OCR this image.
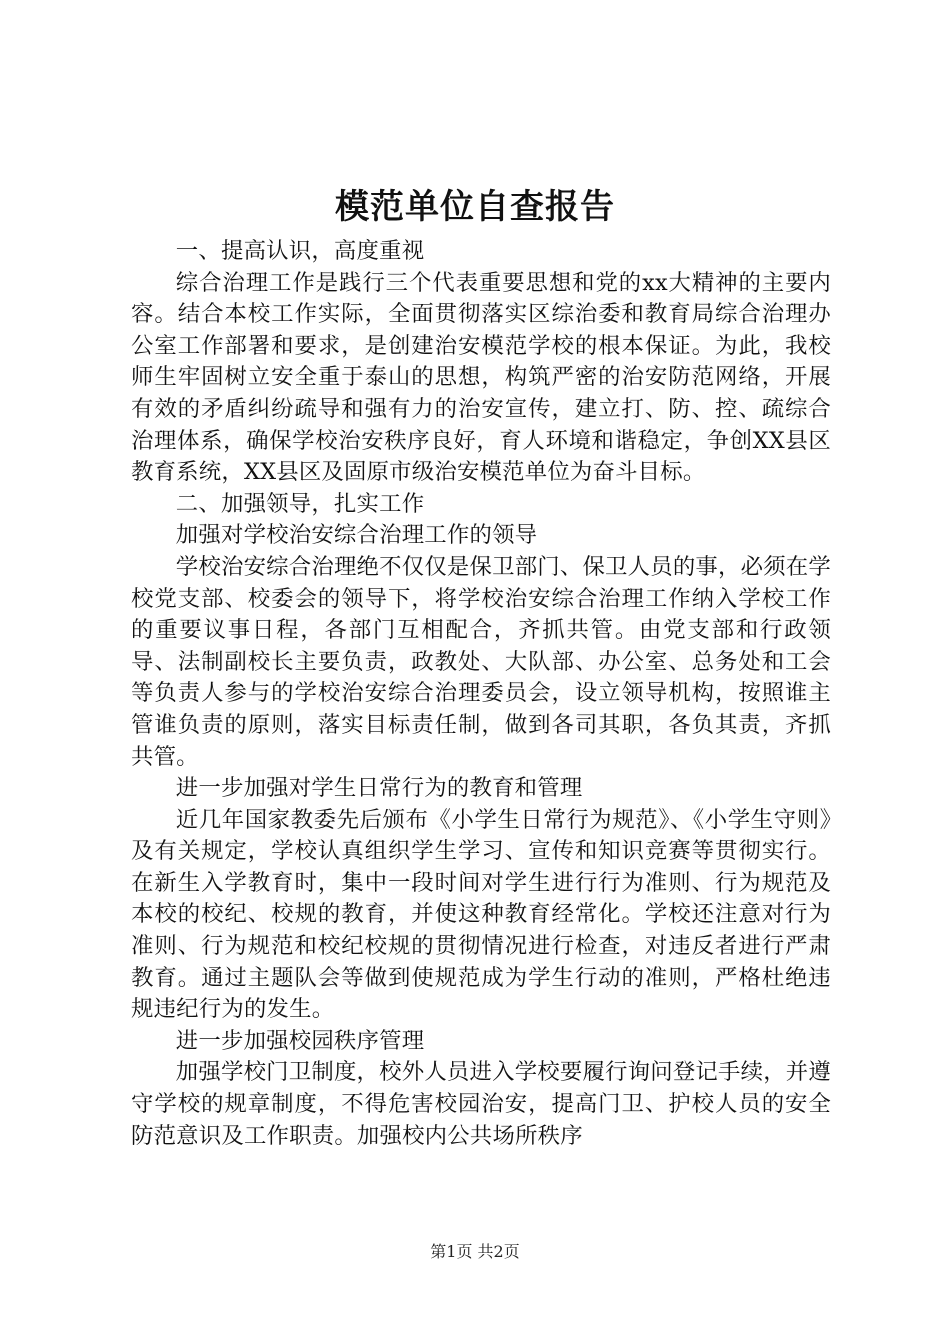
模范单位自查报告

一、提高认识，高度重视

综合治理工作是践行三个代表重要思想和党的xx大精神的主要内容。结合本校工作实际，全面贯彻落实区综治委和教育局综合治理办公室工作部署和要求，是创建治安模范学校的根本保证。为此，我校师生牢固树立安全重于泰山的思想，构筑严密的治安防范网络，开展有效的矛盾纠纷疏导和强有力的治安宣传，建立打、防、控、疏综合治理体系，确保学校治安秩序良好，育人环境和谐稳定，争创XX县区教育系统，XX县区及固原市级治安模范单位为奋斗目标。

二、加强领导，扎实工作

加强对学校治安综合治理工作的领导

学校治安综合治理绝不仅仅是保卫部门、保卫人员的事，必须在学校党支部、校委会的领导下，将学校治安综合治理工作纳入学校工作的重要议事日程，各部门互相配合，齐抓共管。由党支部和行政领导、法制副校长主要负责，政教处、大队部、办公室、总务处和工会等负责人参与的学校治安综合治理委员会，设立领导机构，按照谁主管谁负责的原则，落实目标责任制，做到各司其职，各负其责，齐抓共管。

进一步加强对学生日常行为的教育和管理

近几年国家教委先后颁布《小学生日常行为规范》、《小学生守则》及有关规定，学校认真组织学生学习、宣传和知识竞赛等贯彻实行。在新生入学教育时，集中一段时间对学生进行行为准则、行为规范及本校的校纪、校规的教育，并使这种教育经常化。学校还注意对行为准则、行为规范和校纪校规的贯彻情况进行检查，对违反者进行严肃教育。通过主题队会等做到使规范成为学生行动的准则，严格杜绝违规违纪行为的发生。

进一步加强校园秩序管理

加强学校门卫制度，校外人员进入学校要履行询问登记手续，并遵守学校的规章制度，不得危害校园治安，提高门卫、护校人员的安全防范意识及工作职责。加强校内公共场所秩序

第1页 共2页
